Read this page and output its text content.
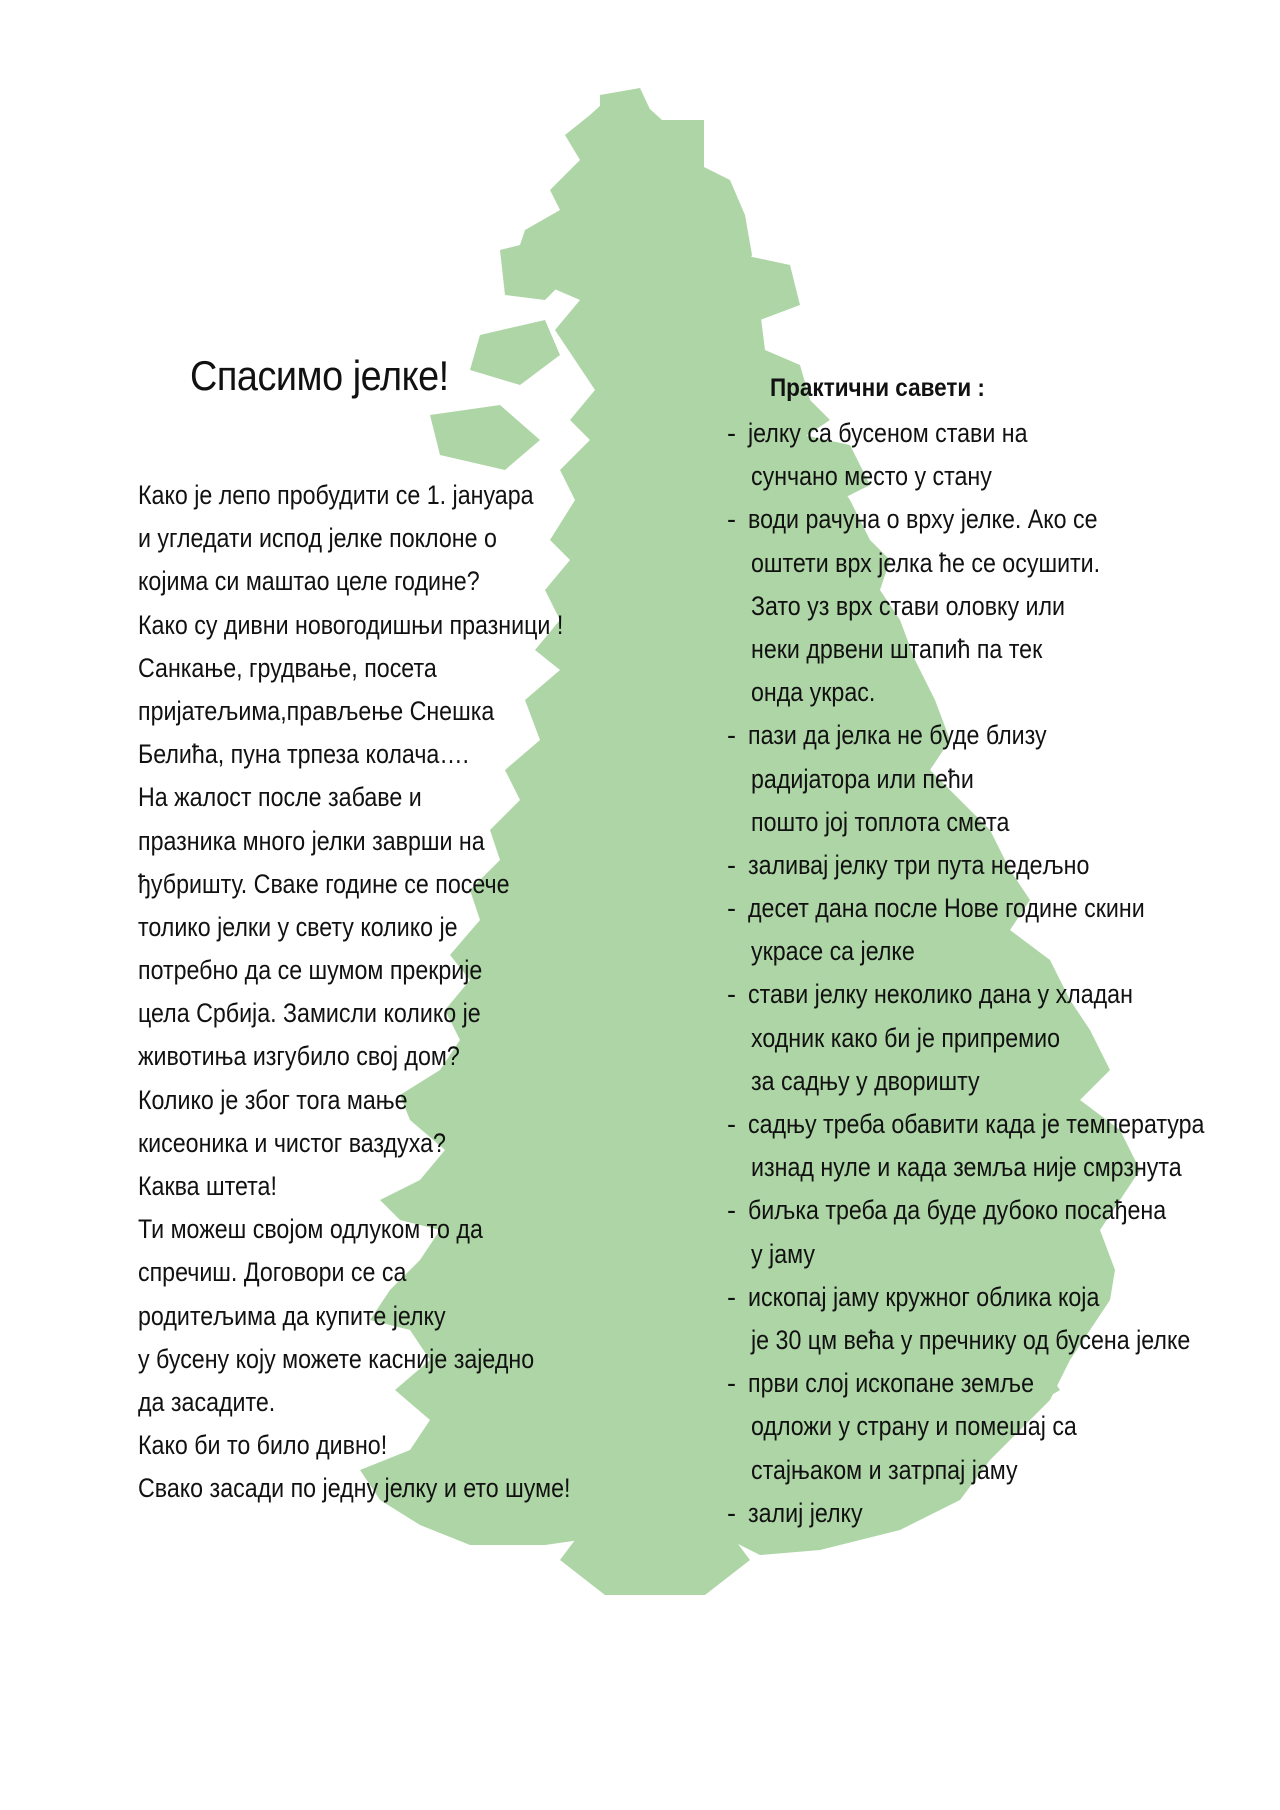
Спасимо јелке!
Како је лепо пробудити се 1. јануара
и угледати испод јелке поклоне о
којима си маштао целе године?
Како су дивни новогодишњи празници !
Санкање, грудвање, посета
пријатељима,прављење Снешка
Белића, пуна трпеза колача….
На жалост после забаве и
празника много јелки заврши на
ђубришту. Сваке године се посече
толико јелки у свету колико је
потребно да се шумом прекрије
цела Србија. Замисли колико је
животиња изгубило свој дом?
Колико је због тога мање
кисеоника и чистог ваздуха?
Каква штета!
Ти можеш својом одлуком то да
спречиш. Договори се са
родитељима да купите јелку
у бусену коју можете касније заједно
да засадите.
Како би то било дивно!
Свако засади по једну јелку и ето шуме!
Практични савети :
- јелку са бусеном стави на
сунчано место у стану
- води рачуна о врху јелке. Ако се
оштети врх јелка ће се осушити.
Зато уз врх стави оловку или
неки дрвени штапић па тек
онда украс.
- пази да јелка не буде близу
радијатора или пећи
пошто јој топлота смета
- заливај јелку три пута недељно
- десет дана после Нове године скини
украсе са јелке
- стави јелку неколико дана у хладан
ходник како би је припремио
за садњу у дворишту
- садњу треба обавити када је температура
изнад нуле и када земља није смрзнута
- биљка треба да буде дубоко посађена
у јаму
- ископај јаму кружног облика која
је 30 цм већа у пречнику од бусена јелке
- први слој ископане земље
одложи у страну и помешај са
стајњаком и затрпај јаму
- залиј јелку
